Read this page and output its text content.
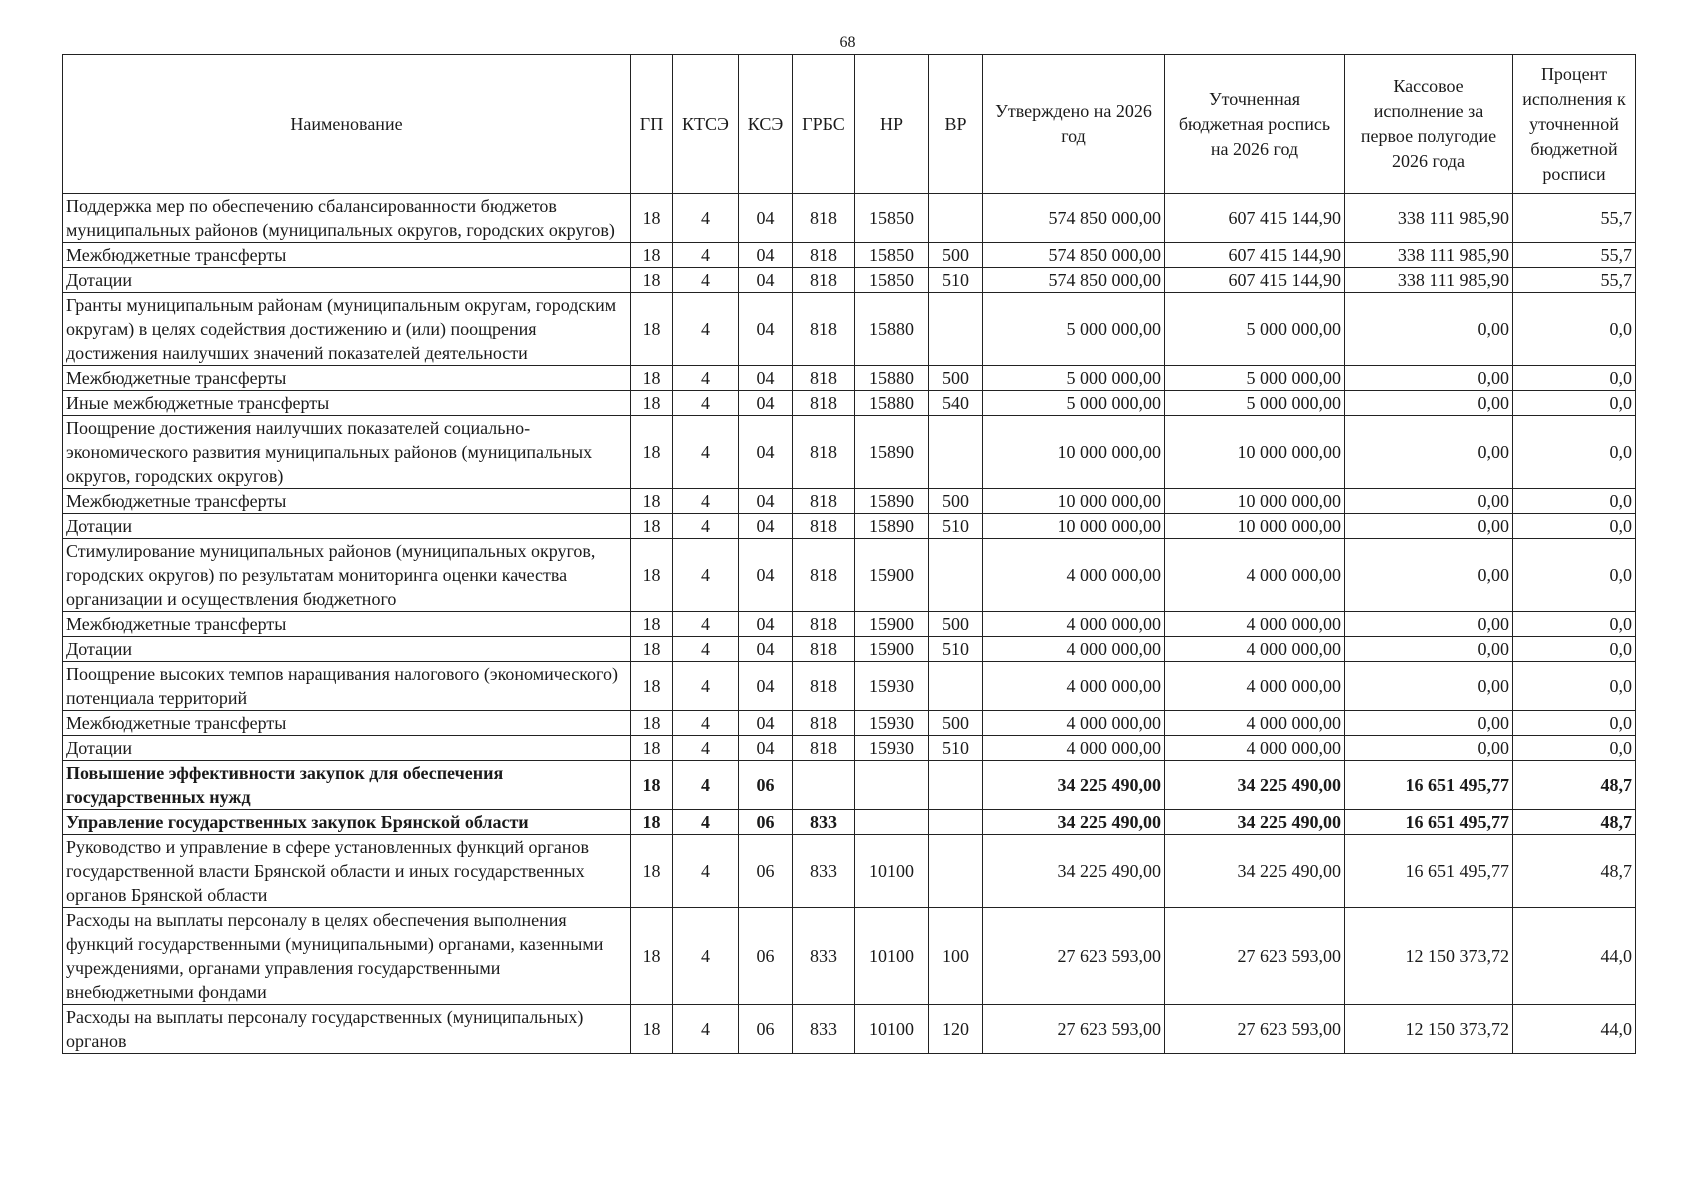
68
Наименование	ГП	КТСЭ	КСЭ	ГРБС	НР	ВР	Утверждено на 2026 год	Уточненная бюджетная роспись на 2026 год	Кассовое исполнение за первое полугодие 2026 года	Процент исполнения к уточненной бюджетной росписи
Поддержка мер по обеспечению сбалансированности бюджетов муниципальных районов (муниципальных округов, городских округов)	18	4	04	818	15850		574 850 000,00	607 415 144,90	338 111 985,90	55,7
Межбюджетные трансферты	18	4	04	818	15850	500	574 850 000,00	607 415 144,90	338 111 985,90	55,7
Дотации	18	4	04	818	15850	510	574 850 000,00	607 415 144,90	338 111 985,90	55,7
Гранты муниципальным районам (муниципальным округам, городским округам) в целях содействия достижению и (или) поощрения достижения наилучших значений показателей деятельности	18	4	04	818	15880		5 000 000,00	5 000 000,00	0,00	0,0
Межбюджетные трансферты	18	4	04	818	15880	500	5 000 000,00	5 000 000,00	0,00	0,0
Иные межбюджетные трансферты	18	4	04	818	15880	540	5 000 000,00	5 000 000,00	0,00	0,0
Поощрение достижения наилучших показателей социально-экономического развития муниципальных районов (муниципальных округов, городских округов)	18	4	04	818	15890		10 000 000,00	10 000 000,00	0,00	0,0
Межбюджетные трансферты	18	4	04	818	15890	500	10 000 000,00	10 000 000,00	0,00	0,0
Дотации	18	4	04	818	15890	510	10 000 000,00	10 000 000,00	0,00	0,0
Стимулирование муниципальных районов (муниципальных округов, городских округов) по результатам мониторинга оценки качества организации и осуществления бюджетного	18	4	04	818	15900		4 000 000,00	4 000 000,00	0,00	0,0
Межбюджетные трансферты	18	4	04	818	15900	500	4 000 000,00	4 000 000,00	0,00	0,0
Дотации	18	4	04	818	15900	510	4 000 000,00	4 000 000,00	0,00	0,0
Поощрение высоких темпов наращивания налогового (экономического) потенциала территорий	18	4	04	818	15930		4 000 000,00	4 000 000,00	0,00	0,0
Межбюджетные трансферты	18	4	04	818	15930	500	4 000 000,00	4 000 000,00	0,00	0,0
Дотации	18	4	04	818	15930	510	4 000 000,00	4 000 000,00	0,00	0,0
Повышение эффективности закупок для обеспечения государственных нужд	18	4	06				34 225 490,00	34 225 490,00	16 651 495,77	48,7
Управление государственных закупок Брянской области	18	4	06	833			34 225 490,00	34 225 490,00	16 651 495,77	48,7
Руководство и управление в сфере установленных функций органов государственной власти Брянской области и иных государственных органов Брянской области	18	4	06	833	10100		34 225 490,00	34 225 490,00	16 651 495,77	48,7
Расходы на выплаты персоналу в целях обеспечения выполнения функций государственными (муниципальными) органами, казенными учреждениями, органами управления государственными внебюджетными фондами	18	4	06	833	10100	100	27 623 593,00	27 623 593,00	12 150 373,72	44,0
Расходы на выплаты персоналу государственных (муниципальных) органов	18	4	06	833	10100	120	27 623 593,00	27 623 593,00	12 150 373,72	44,0
